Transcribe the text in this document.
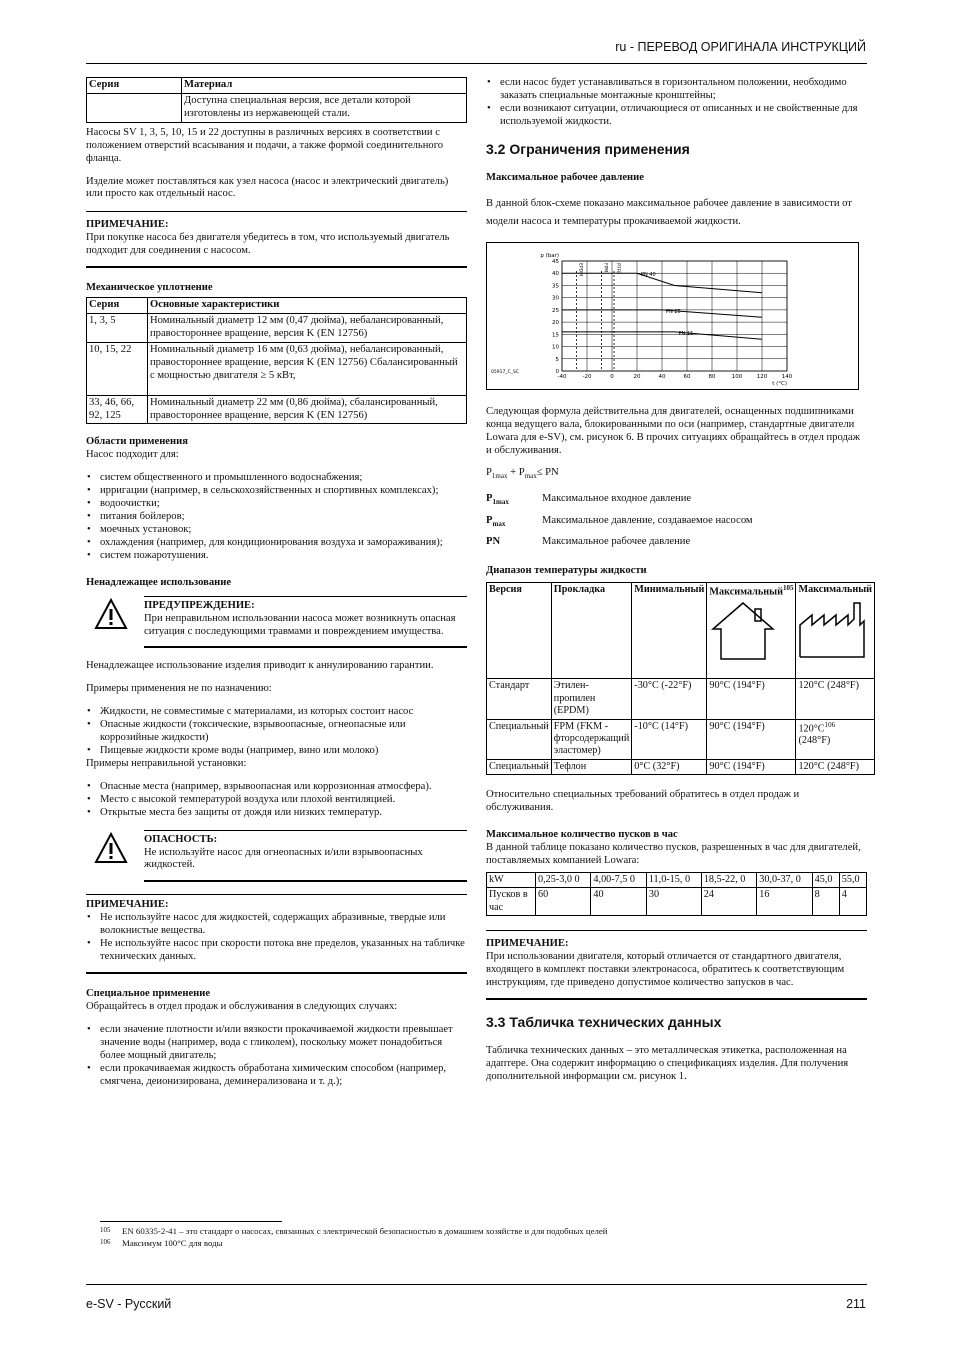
ru - ПЕРЕВОД ОРИГИНАЛА ИНСТРУКЦИЙ
Серия	Материал
	Доступна специальная версия, все детали которой изготовлены из нержавеющей стали.

Насосы SV 1, 3, 5, 10, 15 и 22 доступны в различных версиях в соответствии с положением отверстий всасывания и подачи, а также формой соединительного фланца.

Изделие может поставляться как узел насоса (насос и электрический двигатель) или просто как отдельный насос.

ПРИМЕЧАНИЕ:
При покупке насоса без двигателя убедитесь в том, что используемый двигатель подходит для соединения с насосом.
Механическое уплотнение
Серия	Основные характеристики
1, 3, 5	Номинальный диаметр 12 мм (0,47 дюйма), небалансированный, правостороннее вращение, версия K (EN 12756)
10, 15, 22	Номинальный диаметр 16 мм (0,63 дюйма), небалансированный, правостороннее вращение, версия K (EN 12756) Сбалансированный с мощностью двигателя ≥ 5 кВт,
33, 46, 66, 92, 125	Номинальный диаметр 22 мм (0,86 дюйма), сбалансированный, правостороннее вращение, версия K (EN 12756)
Области применения

Насос подходит для:

• систем общественного и промышленного водоснабжения;
• ирригации (например, в сельскохозяйственных и спортивных комплексах);
• водоочистки;
• питания бойлеров;
• моечных установок;
• охлаждения (например, для кондиционирования воздуха и замораживания);
• систем пожаротушения.
Ненадлежащее использование
ПРЕДУПРЕЖДЕНИЕ:
При неправильном использовании насоса может возникнуть опасная ситуация с последующими травмами и повреждением имущества.

Ненадлежащее использование изделия приводит к аннулированию гарантии.

Примеры применения не по назначению:

• Жидкости, не совместимые с материалами, из которых состоит насос
• Опасные жидкости (токсические, взрывоопасные, огнеопасные или коррозийные жидкости)
• Пищевые жидкости кроме воды (например, вино или молоко)

Примеры неправильной установки:

• Опасные места (например, взрывоопасная или коррозионная атмосфера).
• Место с высокой температурой воздуха или плохой вентиляцией.
• Открытые места без защиты от дождя или низких температур.
ОПАСНОСТЬ:
Не используйте насос для огнеопасных и/или взрывоопасных жидкостей.
ПРИМЕЧАНИЕ:
• Не используйте насос для жидкостей, содержащих абразивные, твердые или волокнистые вещества.
• Не используйте насос при скорости потока вне пределов, указанных на табличке технических данных.
Специальное применение

Обращайтесь в отдел продаж и обслуживания в следующих случаях:

• если значение плотности и/или вязкости прокачиваемой жидкости превышает значение воды (например, вода с гликолем), поскольку может понадобиться более мощный двигатель;
• если прокачиваемая жидкость обработана химическим способом (например, смягчена, деионизирована, деминерализована и т. д.);
• если насос будет устанавливаться в горизонтальном положении, необходимо заказать специальные монтажные кронштейны;
• если возникают ситуации, отличающиеся от описанных и не свойственные для используемой жидкости.
3.2 Ограничения применения
Максимальное рабочее давление

В данной блок-схеме показано максимальное рабочее давление в зависимости от модели насоса и температуры прокачиваемой жидкости.

-40	-20	0	20	40	60	80	100	120	140
0
5
10
15
20
25
30
35
40
45
p (bar)
t (°C)
05917_C_SC
EPDM	FPM PTFE
PN 40
PN 25
PN 16

Следующая формула действительна для двигателей, оснащенных подшипниками конца ведущего вала, блокированными по оси (например, стандартные двигатели Lowara для e-SV), см. рисунок 6. В прочих ситуациях обращайтесь в отдел продаж и обслуживания.

$P_{1max} + P_{max}\le$ PN
$P_{1max}$	Максимальное входное давление
$P_{max}$	Максимальное давление, создаваемое насосом
PN	Максимальное рабочее давление
Диапазон температуры жидкости
Версия	Прокладка	Минимальный	Максимальный$^{105}$	Максимальный

Стандарт	Этилен-пропилен (EPDM)	-30°C (-22°F)	90°C (194°F)	120°C (248°F)
Специальный	FPM (FKM - фторсодержащий эластомер)	-10°C (14°F)	90°C (194°F)	$120^\circ C^{106}$
(248°F)
Специальный	Тефлон	0°C (32°F)	90°C (194°F)	120°C (248°F)

Относительно специальных требований обратитесь в отдел продаж и обслуживания.

Максимальное количество пусков в час

В данной таблице показано количество пусков, разрешенных в час для двигателей, поставляемых компанией Lowara:

kW	0,25-3,0 0	4,00-7,5 0	11,0-15, 0	18,5-22, 0	30,0-37, 0	45,0	55,0
Пусков в час	60	40	30	24	16	8	4
ПРИМЕЧАНИЕ:
При использовании двигателя, который отличается от стандартного двигателя, входящего в комплект поставки электронасоса, обратитесь к соответствующим инструкциям, где приведено допустимое количество запусков в час.
3.3 Табличка технических данных

Табличка технических данных – это металлическая этикетка, расположенная на адаптере. Она содержит информацию о спецификациях изделия. Для получения дополнительной информации см. рисунок 1.

105	EN 60335-2-41 – это стандарт о насосах, связанных с электрической безопасностью в домашнем хозяйстве и для подобных целей
106	Максимум 100°C для воды
e-SV - Русский	211
